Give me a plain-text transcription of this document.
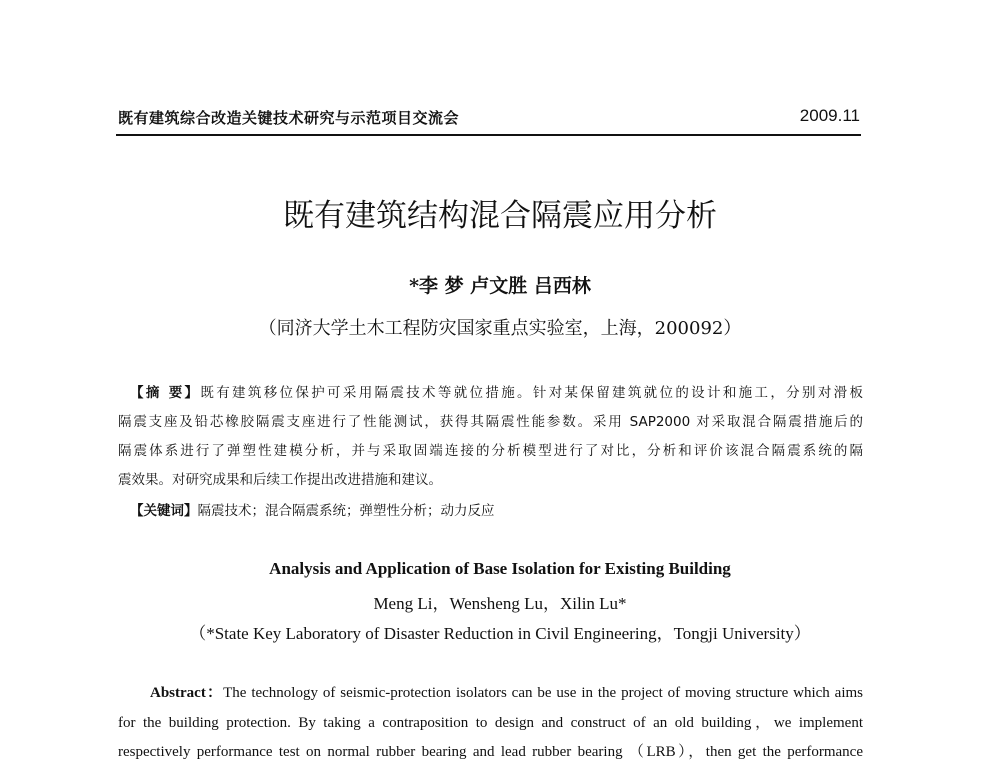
既有建筑综合改造关键技术研究与示范项目交流会	2009.11
既有建筑结构混合隔震应用分析
*李 梦 卢文胜 吕西林
（同济大学土木工程防灾国家重点实验室，上海，200092）
【摘 要】既有建筑移位保护可采用隔震技术等就位措施。针对某保留建筑就位的设计和施工，分别对滑板
隔震支座及铅芯橡胶隔震支座进行了性能测试，获得其隔震性能参数。采用 SAP2000 对采取混合隔震措施后的
隔震体系进行了弹塑性建模分析，并与采取固端连接的分析模型进行了对比，分析和评价该混合隔震系统的隔
震效果。对研究成果和后续工作提出改进措施和建议。
【关键词】隔震技术；混合隔震系统；弹塑性分析；动力反应
Analysis and Application of Base Isolation for Existing Building
Meng Li，Wensheng Lu，Xilin Lu*
（*State Key Laboratory of Disaster Reduction in Civil Engineering，Tongji University）
Abstract：The technology of seismic-protection isolators can be use in the project of moving structure which aims
for the building protection. By taking a contraposition to design and construct of an old building，we implement
respectively performance test on normal rubber bearing and lead rubber bearing （LRB），then get the performance
